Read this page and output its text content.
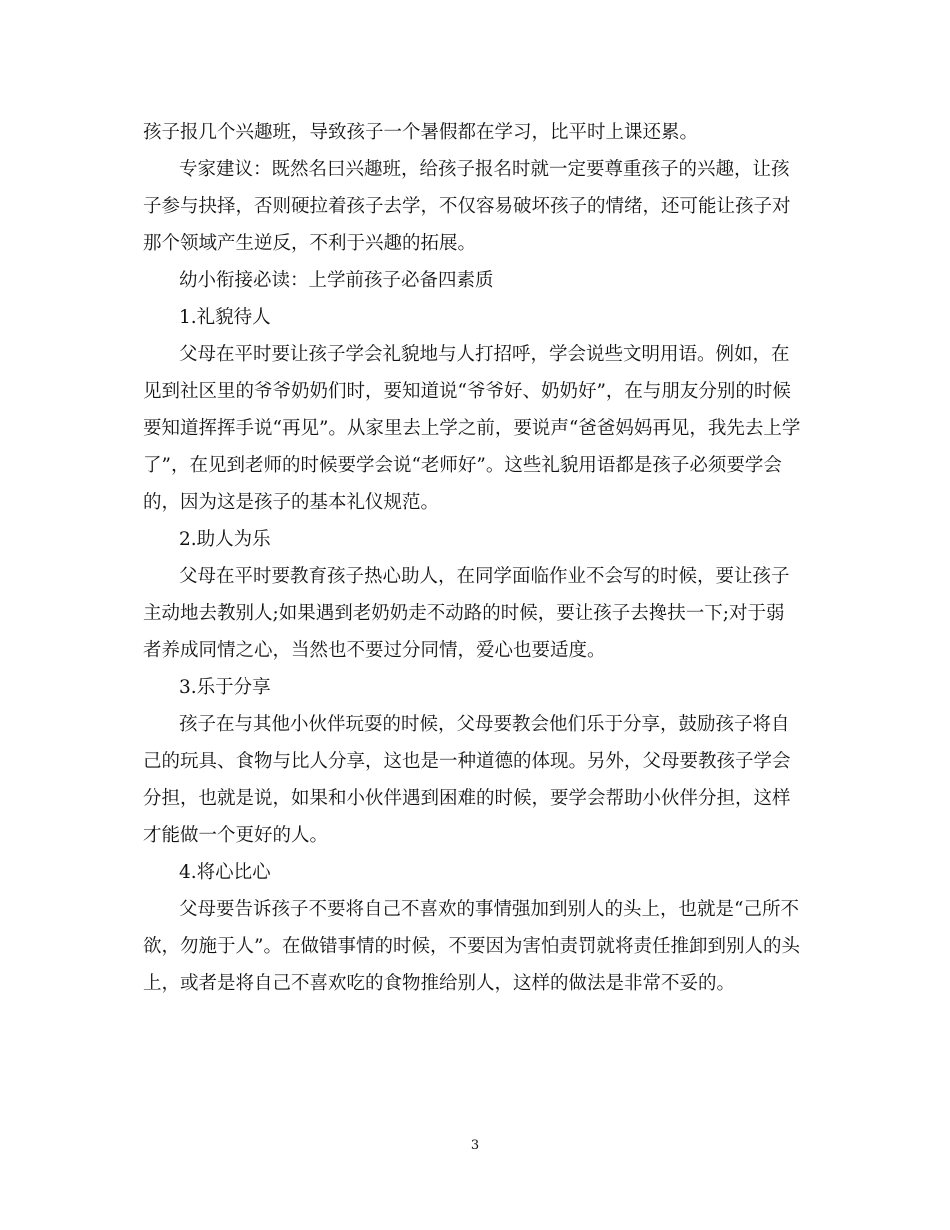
孩子报几个兴趣班，导致孩子一个暑假都在学习，比平时上课还累。
专家建议：既然名曰兴趣班，给孩子报名时就一定要尊重孩子的兴趣，让孩
子参与抉择，否则硬拉着孩子去学，不仅容易破坏孩子的情绪，还可能让孩子对
那个领域产生逆反，不利于兴趣的拓展。
幼小衔接必读：上学前孩子必备四素质
1.礼貌待人
父母在平时要让孩子学会礼貌地与人打招呼，学会说些文明用语。例如，在
见到社区里的爷爷奶奶们时，要知道说“爷爷好、奶奶好”，在与朋友分别的时候
要知道挥挥手说“再见”。从家里去上学之前，要说声“爸爸妈妈再见，我先去上学
了”，在见到老师的时候要学会说“老师好”。这些礼貌用语都是孩子必须要学会
的，因为这是孩子的基本礼仪规范。
2.助人为乐
父母在平时要教育孩子热心助人，在同学面临作业不会写的时候，要让孩子
主动地去教别人;如果遇到老奶奶走不动路的时候，要让孩子去搀扶一下;对于弱
者养成同情之心，当然也不要过分同情，爱心也要适度。
3.乐于分享
孩子在与其他小伙伴玩耍的时候，父母要教会他们乐于分享，鼓励孩子将自
己的玩具、食物与比人分享，这也是一种道德的体现。另外，父母要教孩子学会
分担，也就是说，如果和小伙伴遇到困难的时候，要学会帮助小伙伴分担，这样
才能做一个更好的人。
4.将心比心
父母要告诉孩子不要将自己不喜欢的事情强加到别人的头上，也就是“己所不
欲，勿施于人”。在做错事情的时候，不要因为害怕责罚就将责任推卸到别人的头
上，或者是将自己不喜欢吃的食物推给别人，这样的做法是非常不妥的。
3
